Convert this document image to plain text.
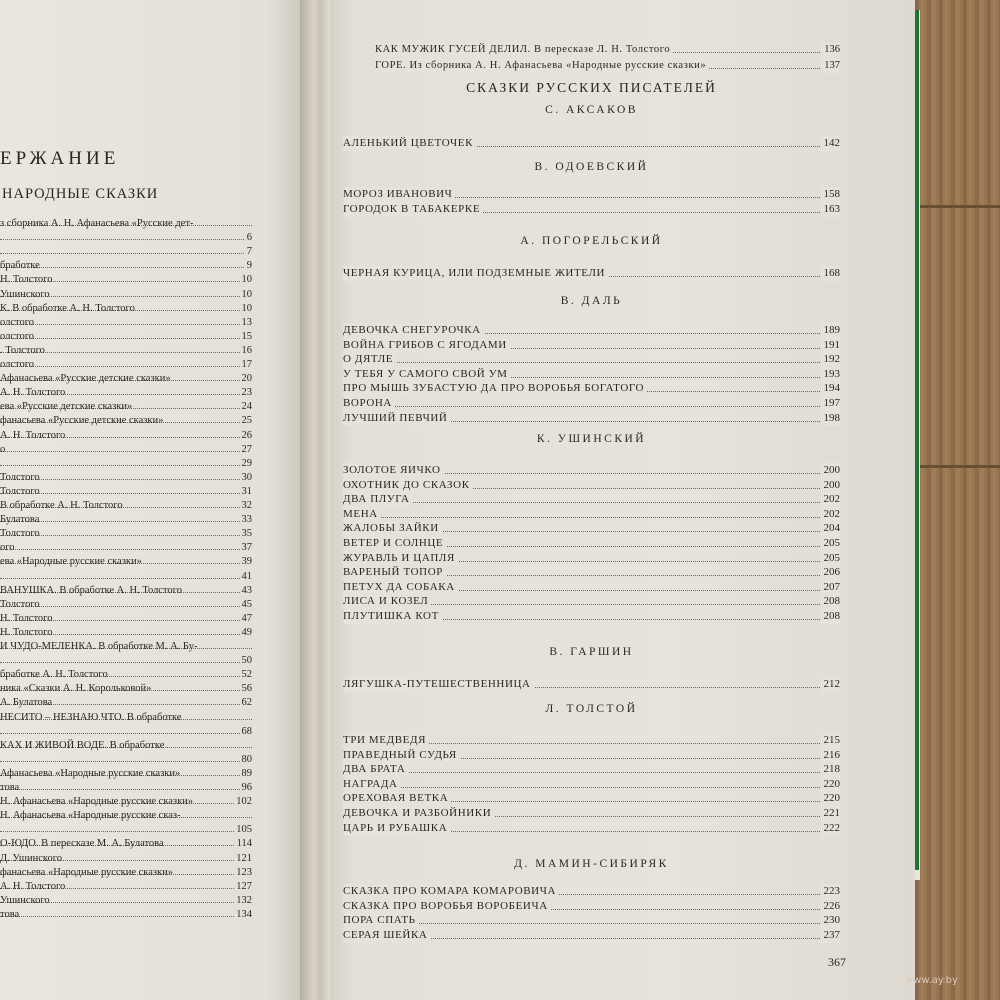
ЕРЖАНИЕ
НАРОДНЫЕ СКАЗКИ
з сборника А. Н. Афанасьева «Русские дет-
6
7
бработке	9
Н. Толстого	10
Ушинского	10
К. В обработке А. Н. Толстого	10
олстого	13
олстого	15
. Толстого	16
олстого	17
Афанасьева «Русские детские сказки»	20
А. Н. Толстого	23
ева «Русские детские сказки»	24
фанасьева «Русские детские сказки»	25
А. Н. Толстого	26
о	27
29
Толстого	30
Толстого	31
В обработке А. Н. Толстого	32
Булатова	33
Толстого	35
ого	37
ева «Народные русские сказки»	39
41
ВАНУШКА. В обработке А. Н. Толстого	43
Толстого	45
Н. Толстого	47
Н. Толстого	49
И ЧУДО-МЕЛЕНКА. В обработке М. А. Бу-
50
бработке А. Н. Толстого	52
ника «Сказки А. Н. Корольковой»	56
А. Булатова	62
НЕСИТО – НЕЗНАЮ ЧТО. В обработке
68
КАХ И ЖИВОЙ ВОДЕ. В обработке
80
Афанасьева «Народные русские сказки»	89
това	96
Н. Афанасьева «Народные русские сказки»	102
Н. Афанасьева «Народные русские сказ-
105
О-ЮДО. В пересказе М. А. Булатова	114
Д. Ушинского	121
фанасьева «Народные русские сказки»	123
А. Н. Толстого	127
Ушинского	132
това	134
КАК МУЖИК ГУСЕЙ ДЕЛИЛ. В пересказе Л. Н. Толстого	136
ГОРЕ. Из сборника А. Н. Афанасьева «Народные русские сказки»	137
СКАЗКИ РУССКИХ ПИСАТЕЛЕЙ
С. АКСАКОВ
АЛЕНЬКИЙ ЦВЕТОЧЕК	142
В. ОДОЕВСКИЙ
МОРОЗ ИВАНОВИЧ	158
ГОРОДОК В ТАБАКЕРКЕ	163
А. ПОГОРЕЛЬСКИЙ
ЧЕРНАЯ КУРИЦА, ИЛИ ПОДЗЕМНЫЕ ЖИТЕЛИ	168
В. ДАЛЬ
ДЕВОЧКА СНЕГУРОЧКА	189
ВОЙНА ГРИБОВ С ЯГОДАМИ	191
О ДЯТЛЕ	192
У ТЕБЯ У САМОГО СВОЙ УМ	193
ПРО МЫШЬ ЗУБАСТУЮ ДА ПРО ВОРОБЬЯ БОГАТОГО	194
ВОРОНА	197
ЛУЧШИЙ ПЕВЧИЙ	198
К. УШИНСКИЙ
ЗОЛОТОЕ ЯИЧКО	200
ОХОТНИК ДО СКАЗОК	200
ДВА ПЛУГА	202
МЕНА	202
ЖАЛОБЫ ЗАЙКИ	204
ВЕТЕР И СОЛНЦЕ	205
ЖУРАВЛЬ И ЦАПЛЯ	205
ВАРЕНЫЙ ТОПОР	206
ПЕТУХ ДА СОБАКА	207
ЛИСА И КОЗЕЛ	208
ПЛУТИШКА КОТ	208
В. ГАРШИН
ЛЯГУШКА-ПУТЕШЕСТВЕННИЦА	212
Л. ТОЛСТОЙ
ТРИ МЕДВЕДЯ	215
ПРАВЕДНЫЙ СУДЬЯ	216
ДВА БРАТА	218
НАГРАДА	220
ОРЕХОВАЯ ВЕТКА	220
ДЕВОЧКА И РАЗБОЙНИКИ	221
ЦАРЬ И РУБАШКА	222
Д. МАМИН-СИБИРЯК
СКАЗКА ПРО КОМАРА КОМАРОВИЧА	223
СКАЗКА ПРО ВОРОБЬЯ ВОРОБЕИЧА	226
ПОРА СПАТЬ	230
СЕРАЯ ШЕЙКА	237
367
www.ay.by
